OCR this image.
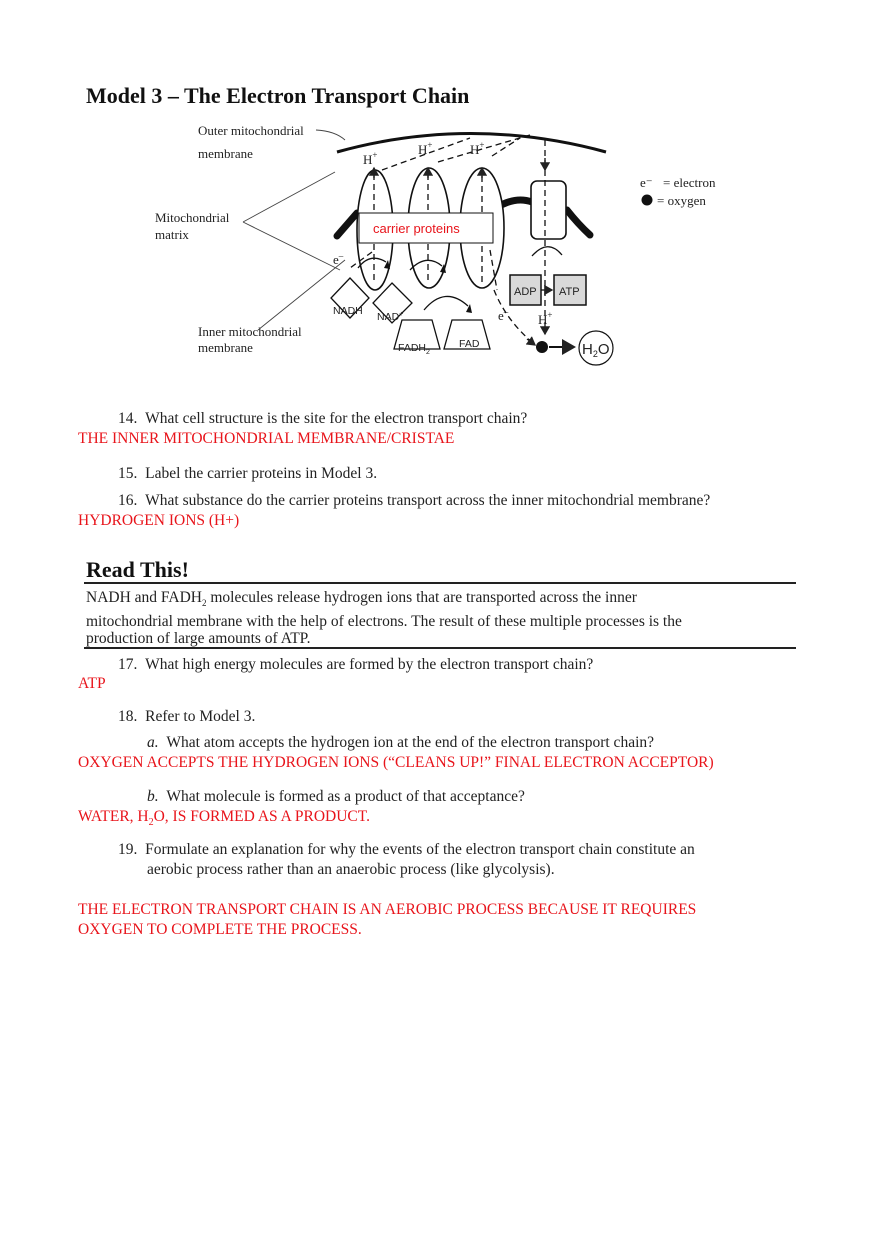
Model 3 – The Electron Transport Chain
Outer mitochondrial
membrane
Mitochondrial
matrix
Inner mitochondrial
membrane
H+	H+	H+
H+
e–
e–
NADH NAD+
$FADH_2$
FAD
ADP ATP
$H_2O$
e⁻ = electron
= oxygen
carrier proteins
14. What cell structure is the site for the electron transport chain?
THE INNER MITOCHONDRIAL MEMBRANE/CRISTAE
15. Label the carrier proteins in Model 3.
16. What substance do the carrier proteins transport across the inner mitochondrial membrane?
HYDROGEN IONS (H+)
Read This!
NADH and $FADH_2$ molecules release hydrogen ions that are transported across the inner
mitochondrial membrane with the help of electrons. The result of these multiple processes is the
production of large amounts of ATP.
17. What high energy molecules are formed by the electron transport chain?
ATP
18. Refer to Model 3.
a. What atom accepts the hydrogen ion at the end of the electron transport chain?
OXYGEN ACCEPTS THE HYDROGEN IONS (“CLEANS UP!” FINAL ELECTRON ACCEPTOR)
b. What molecule is formed as a product of that acceptance?
WATER, $H_2O$, IS FORMED AS A PRODUCT.
19. Formulate an explanation for why the events of the electron transport chain constitute an
aerobic process rather than an anaerobic process (like glycolysis).
THE ELECTRON TRANSPORT CHAIN IS AN AEROBIC PROCESS BECAUSE IT REQUIRES
OXYGEN TO COMPLETE THE PROCESS.
